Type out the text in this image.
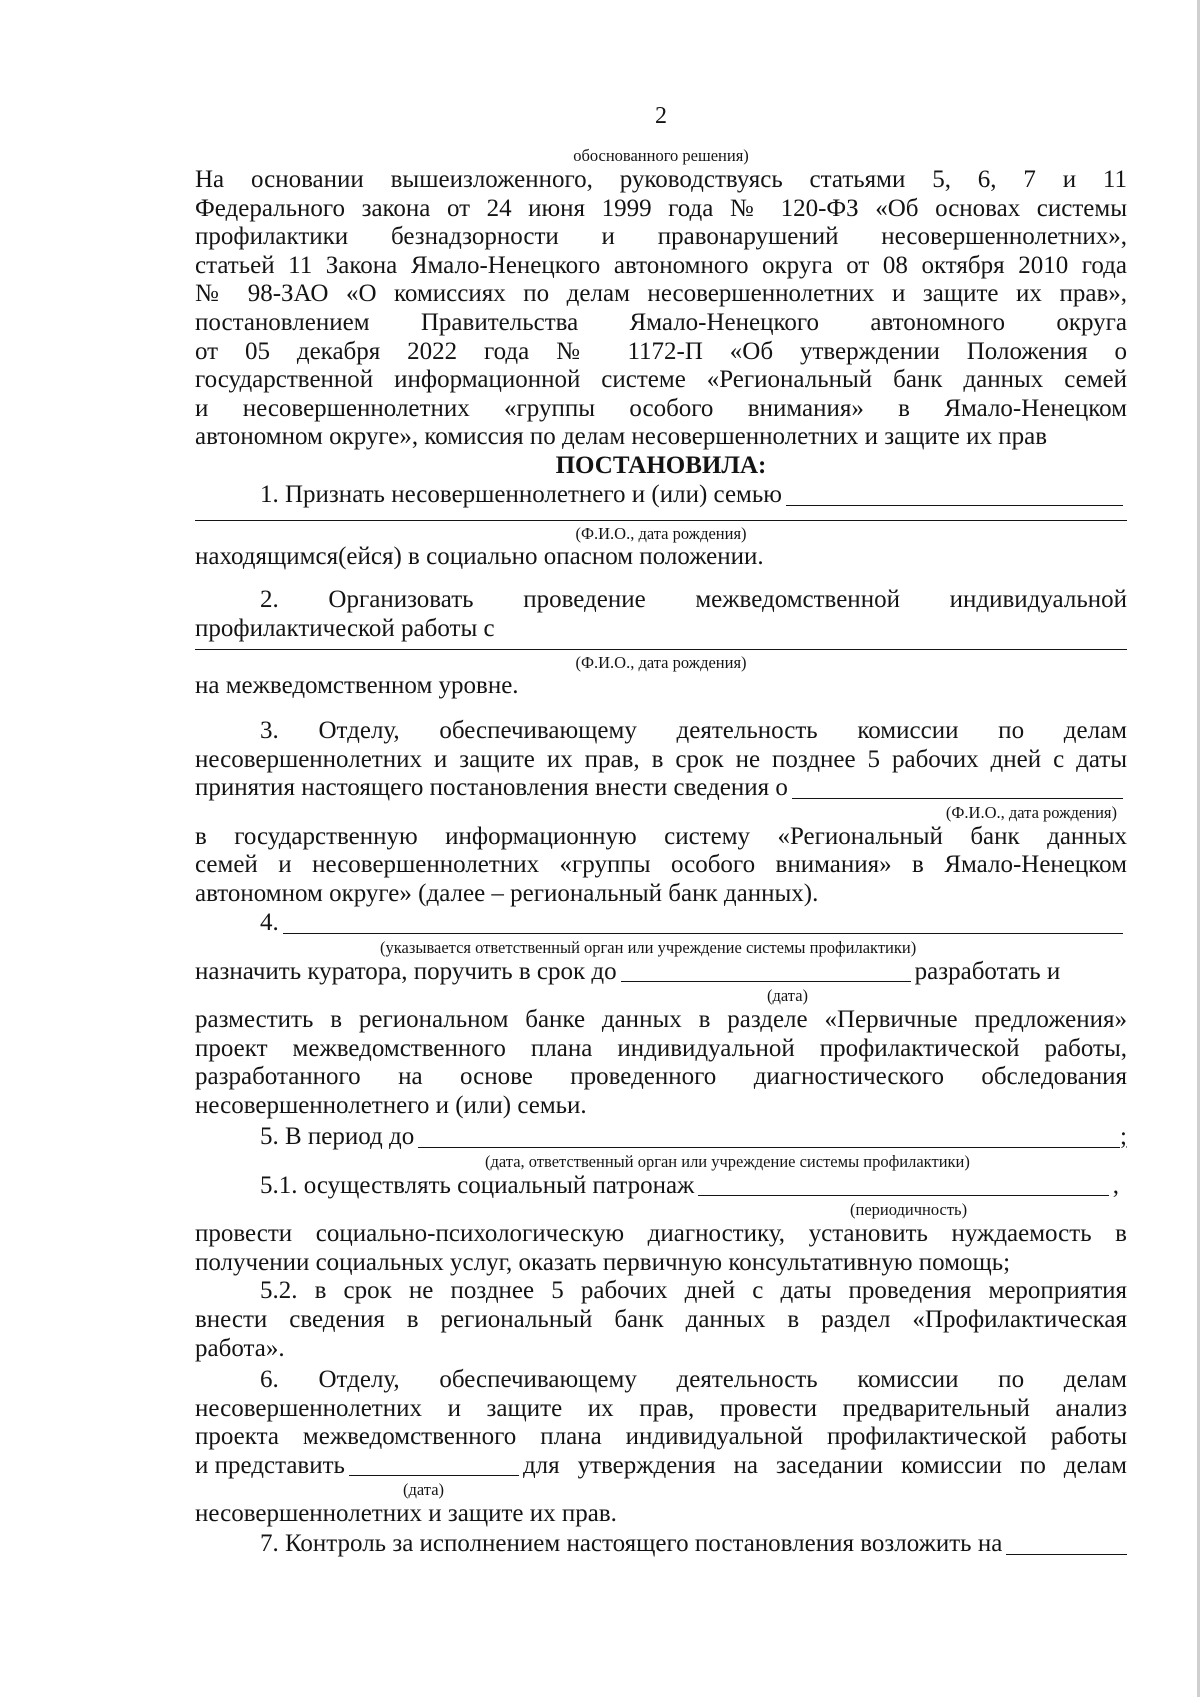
2
обоснованного решения)
На основании вышеизложенного, руководствуясь статьями 5, 6, 7 и 11
Федерального закона от 24 июня 1999 года № 120-ФЗ «Об основах системы
профилактики безнадзорности и правонарушений несовершеннолетних»,
статьей 11 Закона Ямало-Ненецкого автономного округа от 08 октября 2010 года
№ 98-ЗАО «О комиссиях по делам несовершеннолетних и защите их прав»,
постановлением Правительства Ямало-Ненецкого автономного округа
от 05 декабря 2022 года № 1172-П «Об утверждении Положения о
государственной информационной системе «Региональный банк данных семей
и несовершеннолетних «группы особого внимания» в Ямало-Ненецком
автономном округе», комиссия по делам несовершеннолетних и защите их прав
ПОСТАНОВИЛА:
1. Признать несовершеннолетнего и (или) семью
(Ф.И.О., дата рождения)
находящимся(ейся) в социально опасном положении.
2. Организовать проведение межведомственной индивидуальной
профилактической работы с
(Ф.И.О., дата рождения)
на межведомственном уровне.
3. Отделу, обеспечивающему деятельность комиссии по делам
несовершеннолетних и защите их прав, в срок не позднее 5 рабочих дней с даты
принятия настоящего постановления внести сведения о
(Ф.И.О., дата рождения)
в государственную информационную систему «Региональный банк данных
семей и несовершеннолетних «группы особого внимания» в Ямало-Ненецком
автономном округе» (далее – региональный банк данных).
4.
(указывается ответственный орган или учреждение системы профилактики)
назначить куратора, поручить в срок до	разработать и
(дата)
разместить в региональном банке данных в разделе «Первичные предложения»
проект межведомственного плана индивидуальной профилактической работы,
разработанного на основе проведенного диагностического обследования
несовершеннолетнего и (или) семьи.
5. В период до	;
(дата, ответственный орган или учреждение системы профилактики)
5.1. осуществлять социальный патронаж	,
(периодичность)
провести социально-психологическую диагностику, установить нуждаемость в
получении социальных услуг, оказать первичную консультативную помощь;
5.2. в срок не позднее 5 рабочих дней с даты проведения мероприятия
внести сведения в региональный банк данных в раздел «Профилактическая
работа».
6. Отделу, обеспечивающему деятельность комиссии по делам
несовершеннолетних и защите их прав, провести предварительный анализ
проекта межведомственного плана индивидуальной профилактической работы
и представить	для утверждения на заседании комиссии по делам
(дата)
несовершеннолетних и защите их прав.
7. Контроль за исполнением настоящего постановления возложить на
